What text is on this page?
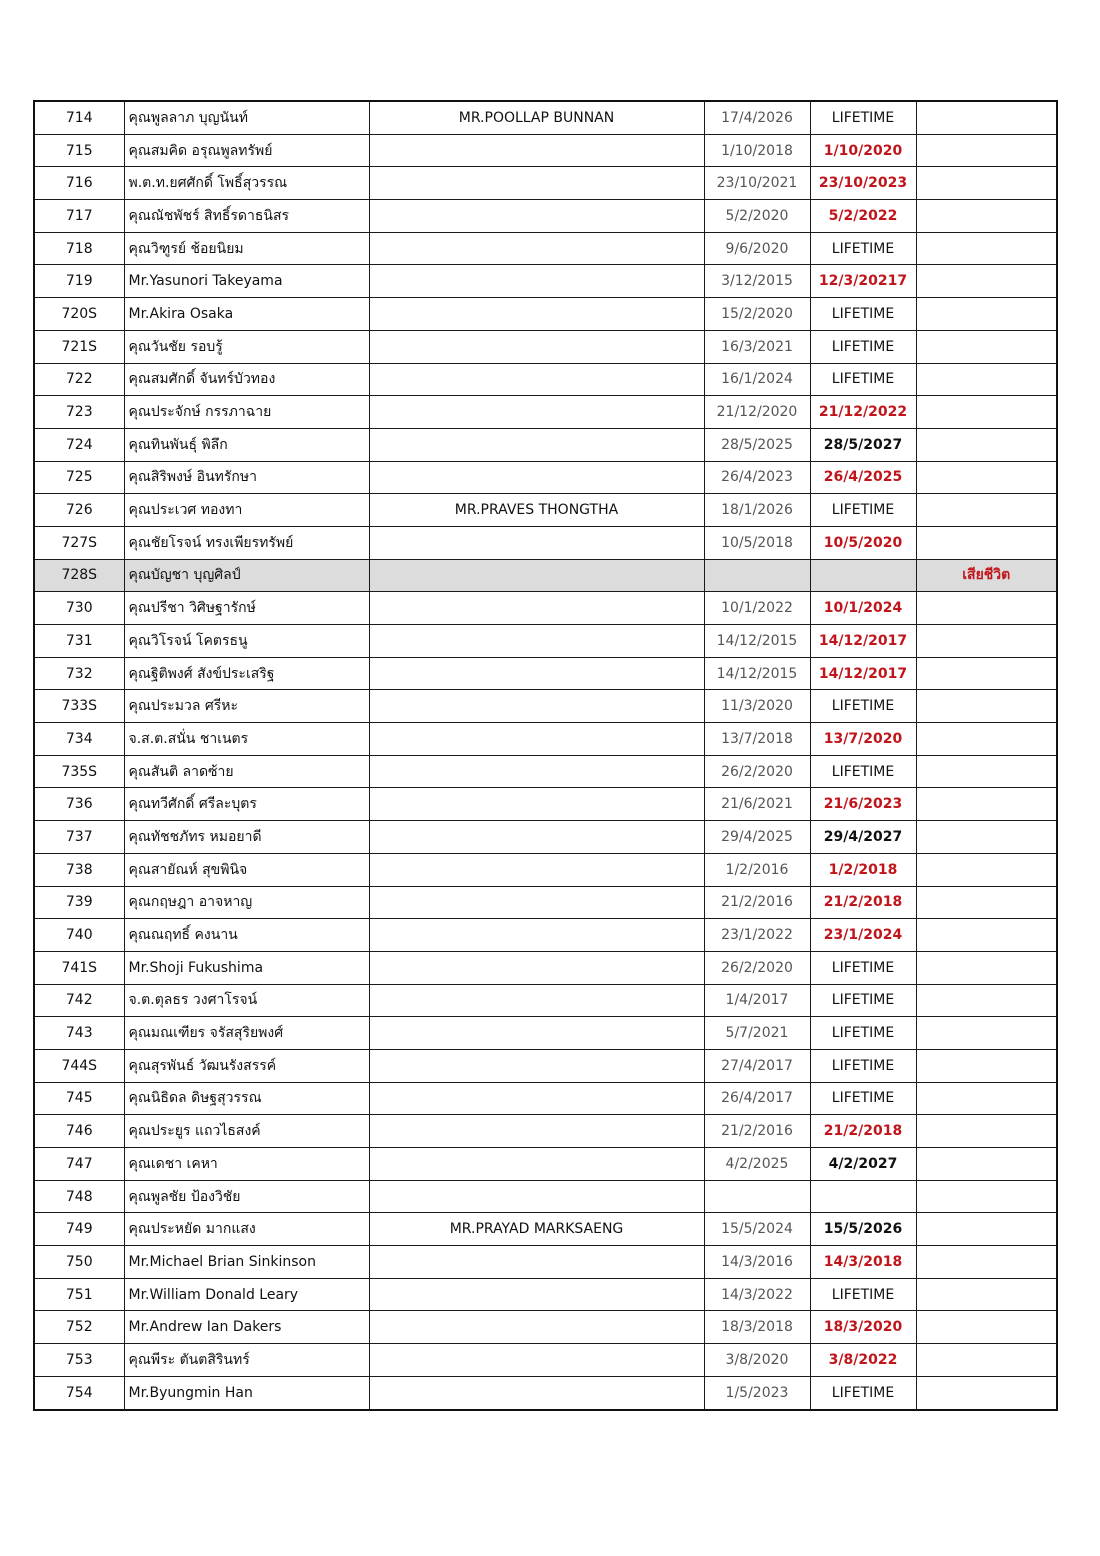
714	คุณพูลลาภ บุญนันท์	MR.POOLLAP BUNNAN	17/4/2026	LIFETIME	
715	คุณสมคิด อรุณพูลทรัพย์		1/10/2018	1/10/2020	
716	พ.ต.ท.ยศศักดิ์ โพธิ์สุวรรณ		23/10/2021	23/10/2023	
717	คุณณัชพัชร์ สิทธิ์รดาธนิสร		5/2/2020	5/2/2022	
718	คุณวิฑูรย์ ช้อยนิยม		9/6/2020	LIFETIME	
719	Mr.Yasunori Takeyama		3/12/2015	12/3/20217	
720S	Mr.Akira Osaka		15/2/2020	LIFETIME	
721S	คุณวันชัย รอบรู้		16/3/2021	LIFETIME	
722	คุณสมศักดิ์ จันทร์บัวทอง		16/1/2024	LIFETIME	
723	คุณประจักษ์ กรรภาฉาย		21/12/2020	21/12/2022	
724	คุณทินพันธุ์ พิลึก		28/5/2025	28/5/2027	
725	คุณสิริพงษ์ อินทรักษา		26/4/2023	26/4/2025	
726	คุณประเวศ ทองทา	MR.PRAVES THONGTHA	18/1/2026	LIFETIME	
727S	คุณชัยโรจน์ ทรงเพียรทรัพย์		10/5/2018	10/5/2020	
728S	คุณบัญชา บุญศิลป์				เสียชีวิต
730	คุณปรีชา วิศิษฐารักษ์		10/1/2022	10/1/2024	
731	คุณวิโรจน์ โคตรธนู		14/12/2015	14/12/2017	
732	คุณฐิติพงศ์ สังข์ประเสริฐ		14/12/2015	14/12/2017	
733S	คุณประมวล ศรีหะ		11/3/2020	LIFETIME	
734	จ.ส.ต.สนั่น ชาเนตร		13/7/2018	13/7/2020	
735S	คุณสันติ ลาดซ้าย		26/2/2020	LIFETIME	
736	คุณทวีศักดิ์ ศรีละบุตร		21/6/2021	21/6/2023	
737	คุณทัชชภัทร หมอยาดี		29/4/2025	29/4/2027	
738	คุณสายัณห์ สุขพินิจ		1/2/2016	1/2/2018	
739	คุณกฤษฎา อาจหาญ		21/2/2016	21/2/2018	
740	คุณณฤทธิ์ คงนาน		23/1/2022	23/1/2024	
741S	Mr.Shoji Fukushima		26/2/2020	LIFETIME	
742	จ.ต.ตุลธร วงศาโรจน์		1/4/2017	LIFETIME	
743	คุณมณเฑียร จรัสสุริยพงศ์		5/7/2021	LIFETIME	
744S	คุณสุรพันธ์ วัฒนรังสรรค์		27/4/2017	LIFETIME	
745	คุณนิธิดล ดิษฐสุวรรณ		26/4/2017	LIFETIME	
746	คุณประยูร แถวไธสงค์		21/2/2016	21/2/2018	
747	คุณเดชา เคหา		4/2/2025	4/2/2027	
748	คุณพูลชัย ป้องวิชัย				
749	คุณประหยัด มากแสง	MR.PRAYAD MARKSAENG	15/5/2024	15/5/2026	
750	Mr.Michael Brian Sinkinson		14/3/2016	14/3/2018	
751	Mr.William Donald Leary		14/3/2022	LIFETIME	
752	Mr.Andrew Ian Dakers		18/3/2018	18/3/2020	
753	คุณพีระ ตันตสิรินทร์		3/8/2020	3/8/2022	
754	Mr.Byungmin Han		1/5/2023	LIFETIME	
